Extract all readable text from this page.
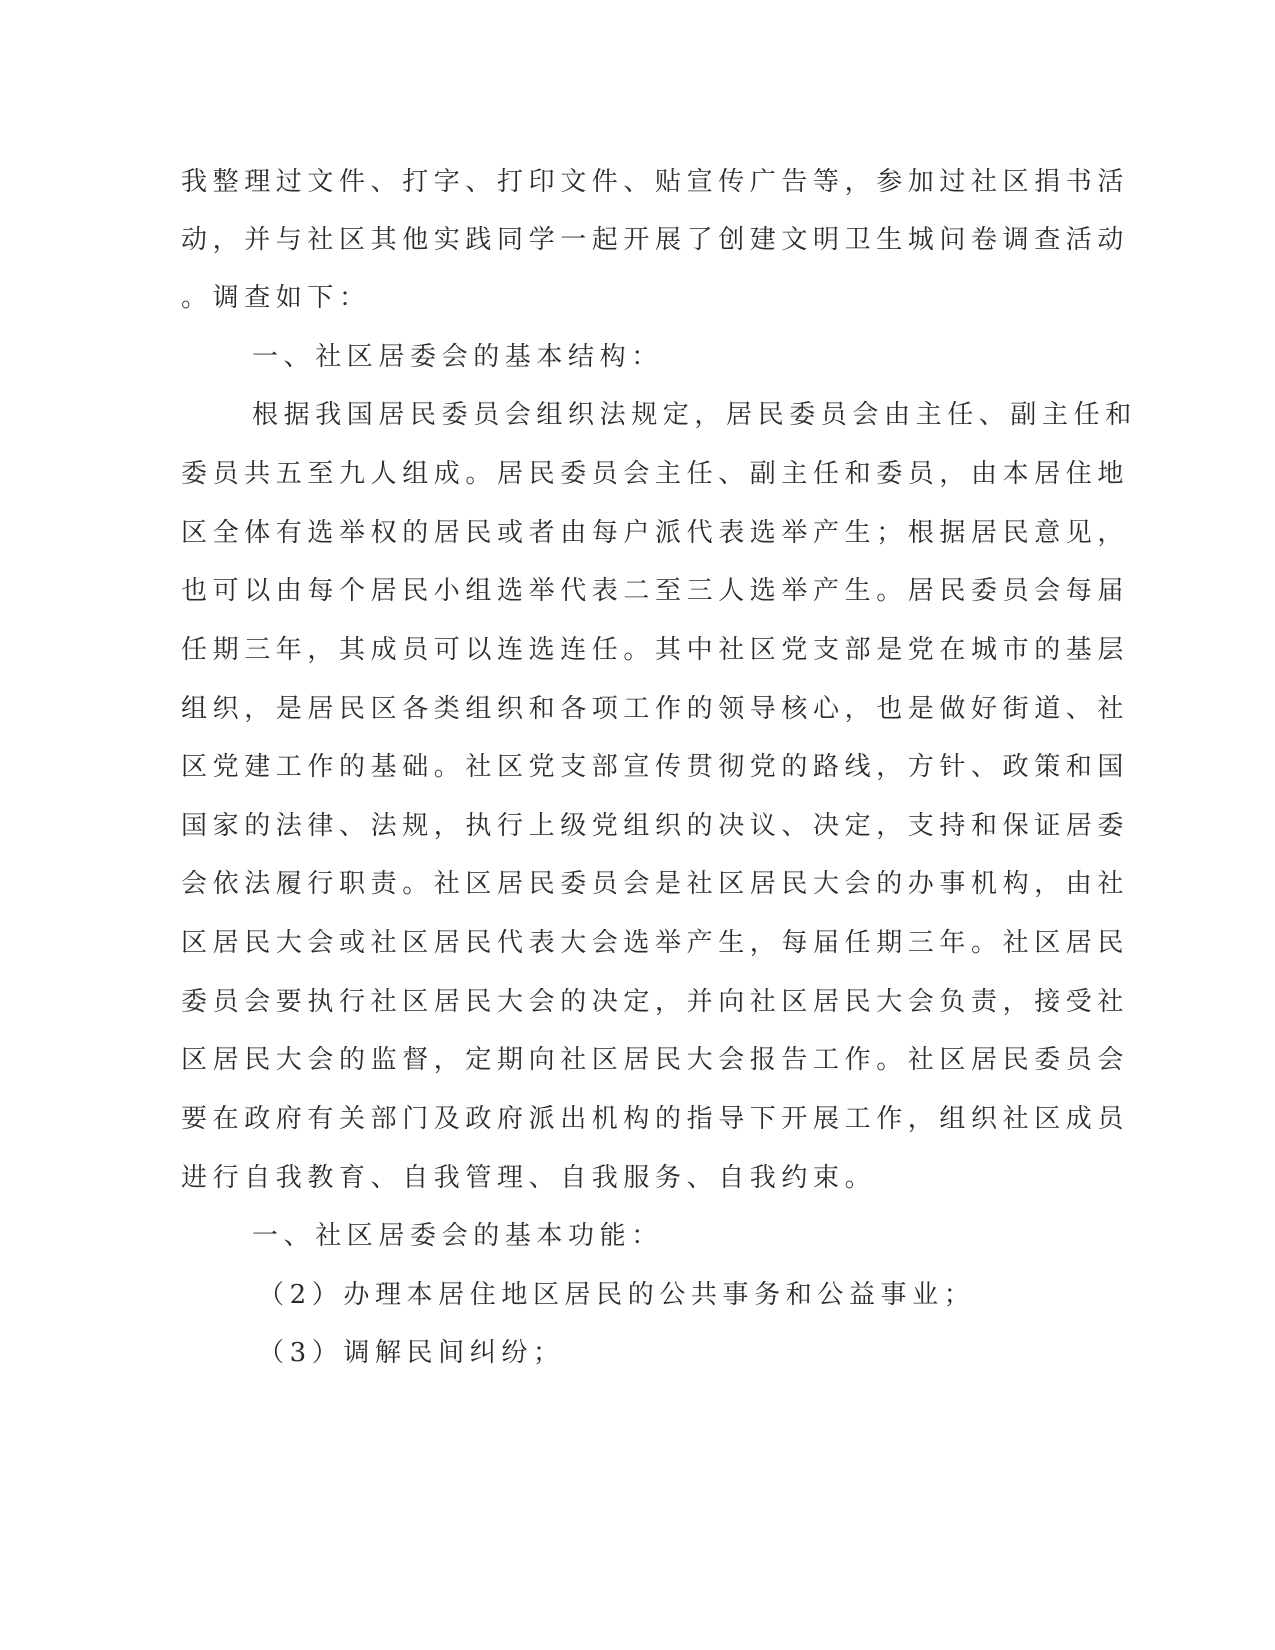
我整理过文件、打字、打印文件、贴宣传广告等，参加过社区捐书活

动，并与社区其他实践同学一起开展了创建文明卫生城问卷调查活动

。调查如下：

一、社区居委会的基本结构：

根据我国居民委员会组织法规定，居民委员会由主任、副主任和

委员共五至九人组成。居民委员会主任、副主任和委员，由本居住地

区全体有选举权的居民或者由每户派代表选举产生；根据居民意见，

也可以由每个居民小组选举代表二至三人选举产生。居民委员会每届

任期三年，其成员可以连选连任。其中社区党支部是党在城市的基层

组织，是居民区各类组织和各项工作的领导核心，也是做好街道、社

区党建工作的基础。社区党支部宣传贯彻党的路线，方针、政策和国

国家的法律、法规，执行上级党组织的决议、决定，支持和保证居委

会依法履行职责。社区居民委员会是社区居民大会的办事机构，由社

区居民大会或社区居民代表大会选举产生，每届任期三年。社区居民

委员会要执行社区居民大会的决定，并向社区居民大会负责，接受社

区居民大会的监督，定期向社区居民大会报告工作。社区居民委员会

要在政府有关部门及政府派出机构的指导下开展工作，组织社区成员

进行自我教育、自我管理、自我服务、自我约束。

一、社区居委会的基本功能：

（2）办理本居住地区居民的公共事务和公益事业；

（3）调解民间纠纷；
